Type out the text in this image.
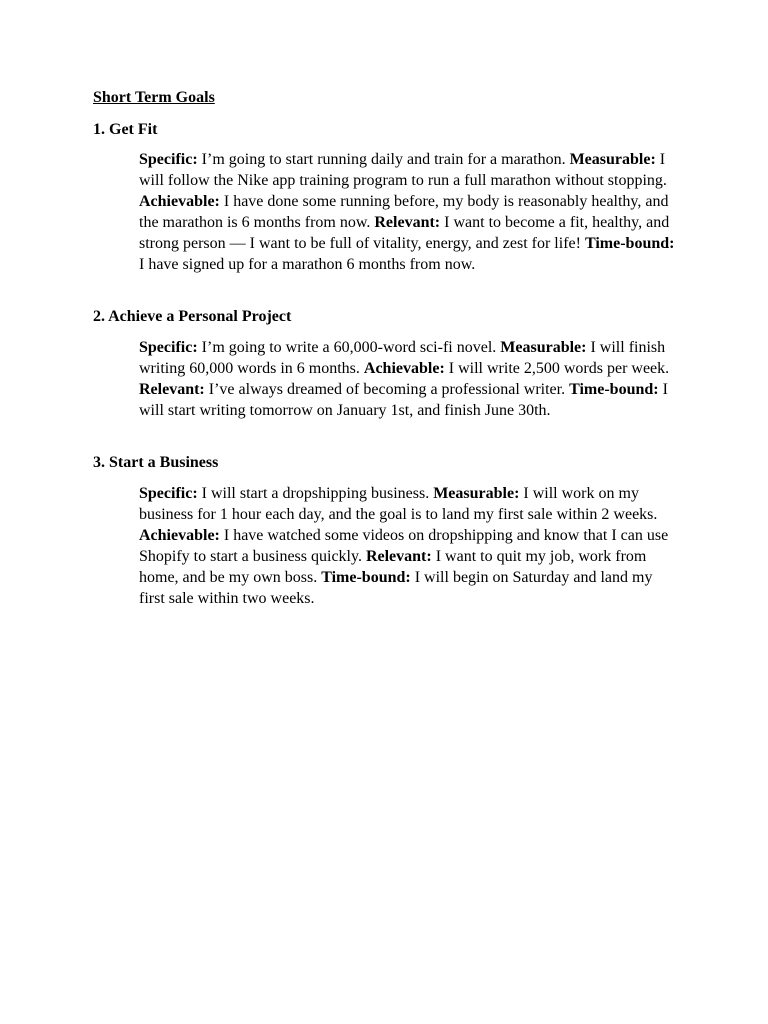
Short Term Goals
1. Get Fit
Specific: I’m going to start running daily and train for a marathon. Measurable: I will follow the Nike app training program to run a full marathon without stopping. Achievable: I have done some running before, my body is reasonably healthy, and the marathon is 6 months from now. Relevant: I want to become a fit, healthy, and strong person — I want to be full of vitality, energy, and zest for life! Time-bound: I have signed up for a marathon 6 months from now.
2. Achieve a Personal Project
Specific: I’m going to write a 60,000-word sci-fi novel. Measurable: I will finish writing 60,000 words in 6 months. Achievable: I will write 2,500 words per week. Relevant: I’ve always dreamed of becoming a professional writer. Time-bound: I will start writing tomorrow on January 1st, and finish June 30th.
3. Start a Business
Specific: I will start a dropshipping business. Measurable: I will work on my business for 1 hour each day, and the goal is to land my first sale within 2 weeks. Achievable: I have watched some videos on dropshipping and know that I can use Shopify to start a business quickly. Relevant: I want to quit my job, work from home, and be my own boss. Time-bound: I will begin on Saturday and land my first sale within two weeks.
